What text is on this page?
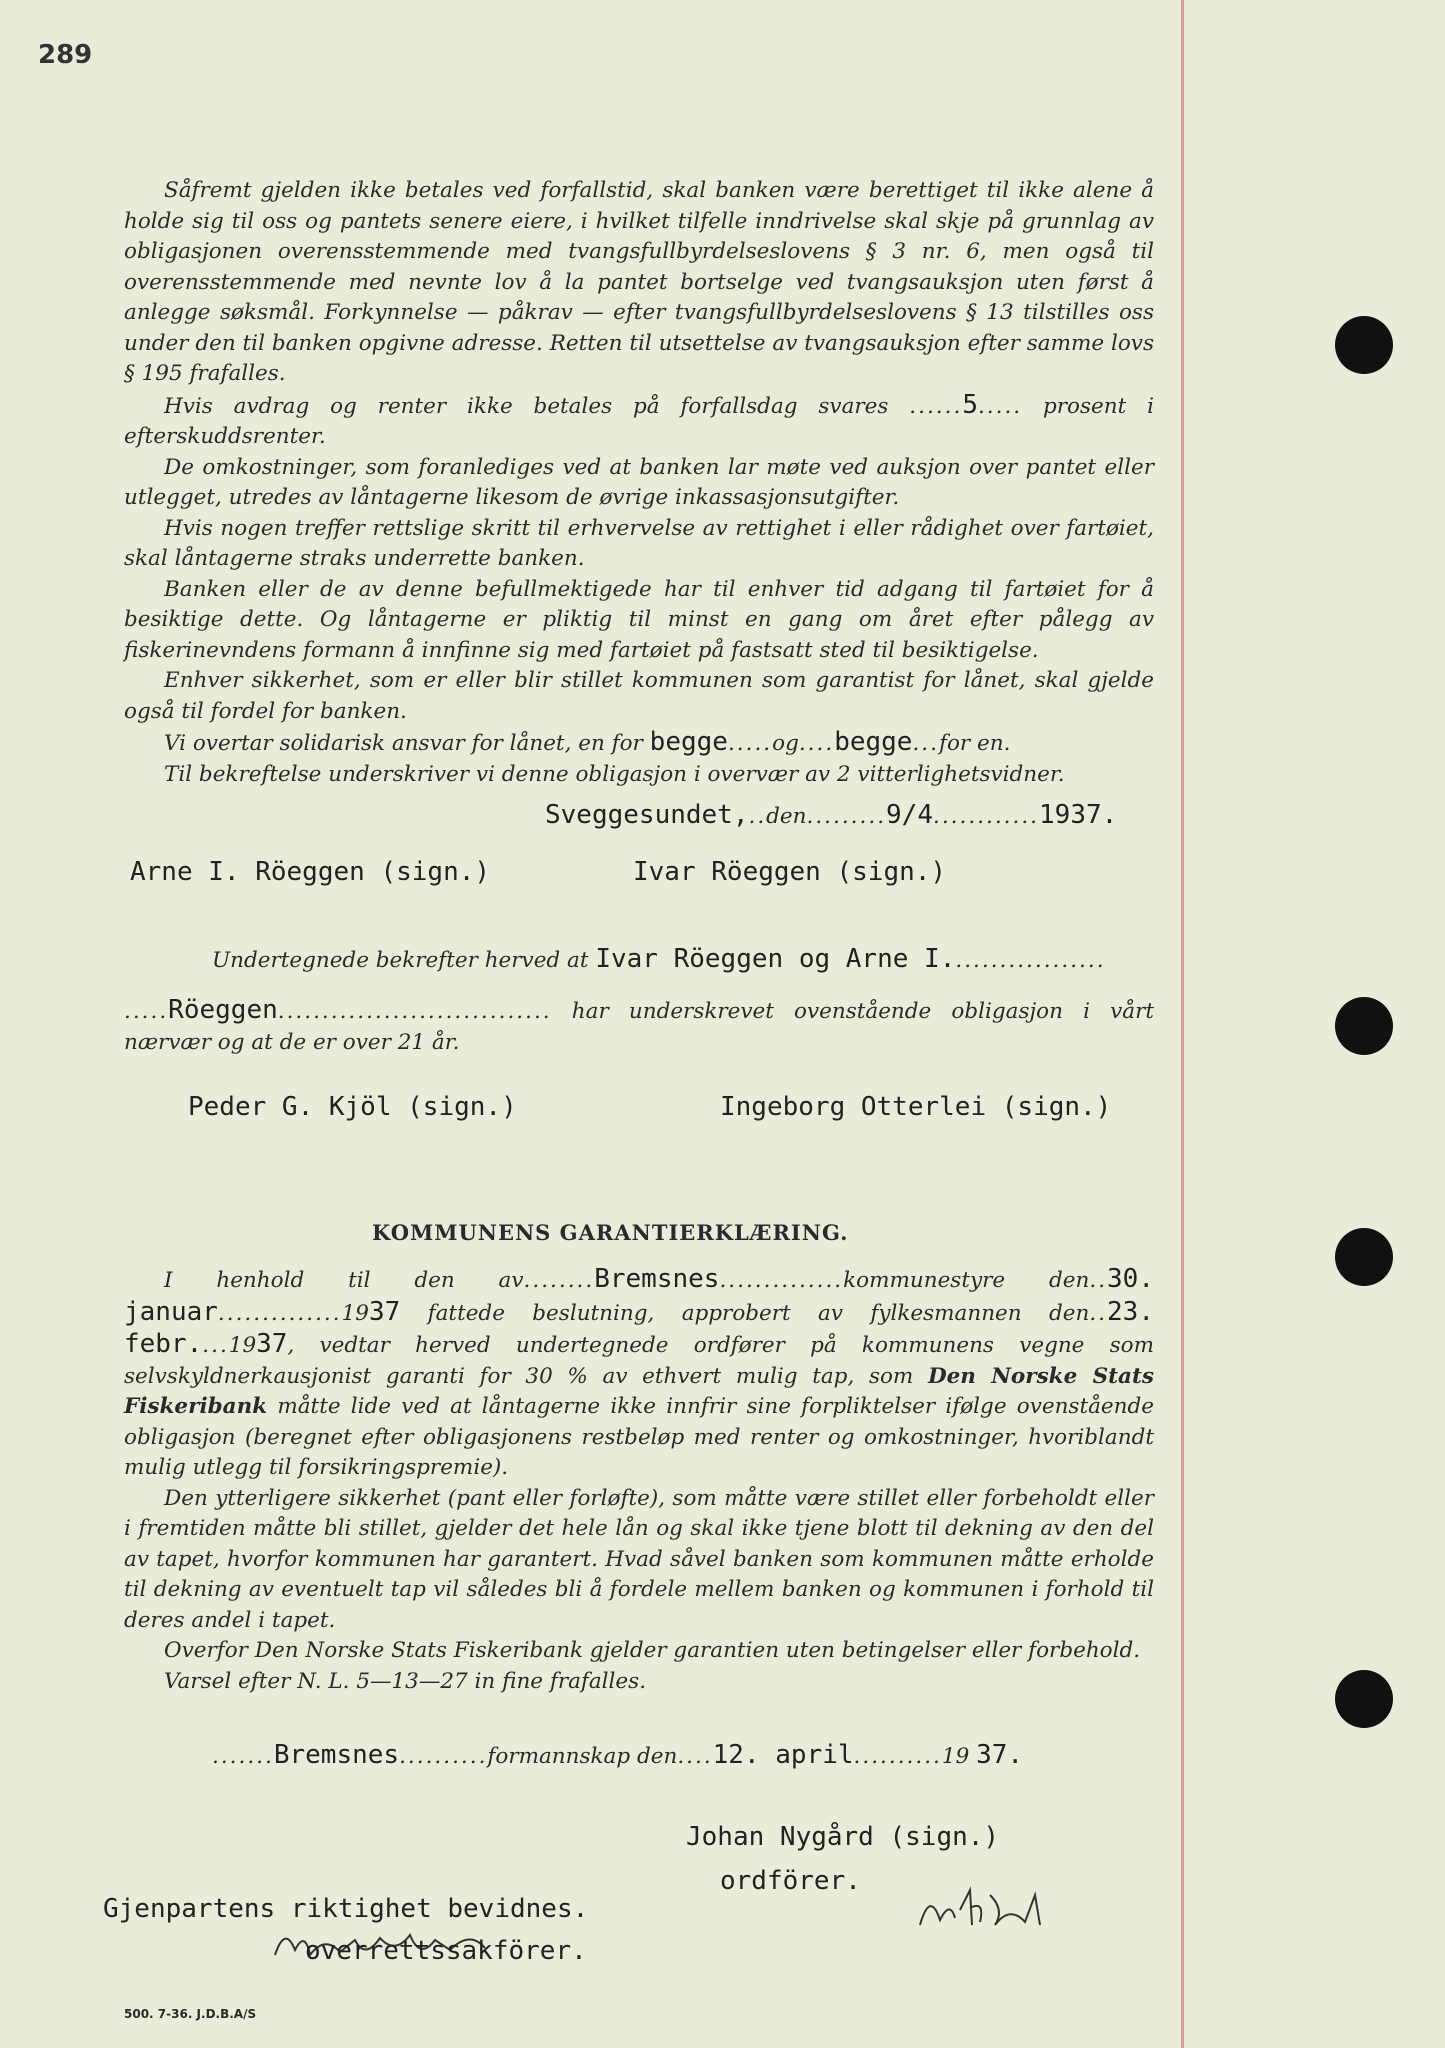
289

Såfremt gjelden ikke betales ved forfallstid, skal banken være berettiget til ikke alene å holde sig til oss og pantets senere eiere, i hvilket tilfelle inndrivelse skal skje på grunnlag av obligasjonen overensstemmende med tvangsfullbyrdelseslovens § 3 nr. 6, men også til overensstemmende med nevnte lov å la pantet bortselge ved tvangsauksjon uten først å anlegge søksmål. Forkynnelse — påkrav — efter tvangsfullbyrdelseslovens § 13 tilstilles oss under den til banken opgivne adresse. Retten til utsettelse av tvangsauksjon efter samme lovs § 195 frafalles.

Hvis avdrag og renter ikke betales på forfallsdag svares ......5..... prosent i efterskuddsrenter.

De omkostninger, som foranlediges ved at banken lar møte ved auksjon over pantet eller utlegget, utredes av låntagerne likesom de øvrige inkassasjonsutgifter.

Hvis nogen treffer rettslige skritt til erhvervelse av rettighet i eller rådighet over fartøiet, skal låntagerne straks underrette banken.

Banken eller de av denne befullmektigede har til enhver tid adgang til fartøiet for å besiktige dette. Og låntagerne er pliktig til minst en gang om året efter pålegg av fiskerinevndens formann å innfinne sig med fartøiet på fastsatt sted til besiktigelse.

Enhver sikkerhet, som er eller blir stillet kommunen som garantist for lånet, skal gjelde også til fordel for banken.

Vi overtar solidarisk ansvar for lånet, en for begge.....og....begge...for en.

Til bekreftelse underskriver vi denne obligasjon i overvær av 2 vitterlighetsvidner.

Sveggesundet,..den.........9/4............1937.
Arne I. Röeggen (sign.)	Ivar Röeggen (sign.)
Undertegnede bekrefter herved at Ivar Röeggen og Arne I..................
.....Röeggen............................... har underskrevet ovenstående obligasjon i vårt nærvær og at de er over 21 år.
Peder G. Kjöl (sign.)	Ingeborg Otterlei (sign.)
KOMMUNENS GARANTIERKLÆRING.

I henhold til den av........Bremsnes..............kommunestyre den..30. januar..............1937 fattede beslutning, approbert av fylkesmannen den..23. febr....1937, vedtar herved undertegnede ordfører på kommunens vegne som selvskyldnerkausjonist garanti for 30 % av ethvert mulig tap, som Den Norske Stats Fiskeribank måtte lide ved at låntagerne ikke innfrir sine forpliktelser ifølge ovenstående obligasjon (beregnet efter obligasjonens restbeløp med renter og omkostninger, hvoriblandt mulig utlegg til forsikringspremie).

Den ytterligere sikkerhet (pant eller forløfte), som måtte være stillet eller forbeholdt eller i fremtiden måtte bli stillet, gjelder det hele lån og skal ikke tjene blott til dekning av den del av tapet, hvorfor kommunen har garantert. Hvad såvel banken som kommunen måtte erholde til dekning av eventuelt tap vil således bli å fordele mellem banken og kommunen i forhold til deres andel i tapet.

Overfor Den Norske Stats Fiskeribank gjelder garantien uten betingelser eller forbehold.

Varsel efter N. L. 5—13—27 in fine frafalles.

.......Bremsnes..........formannskap den....12. april..........19 37.
Johan Nygård (sign.)
ordförer.
Gjenpartens riktighet bevidnes.
overrettssakförer.
500. 7-36. J.D.B.A/S
